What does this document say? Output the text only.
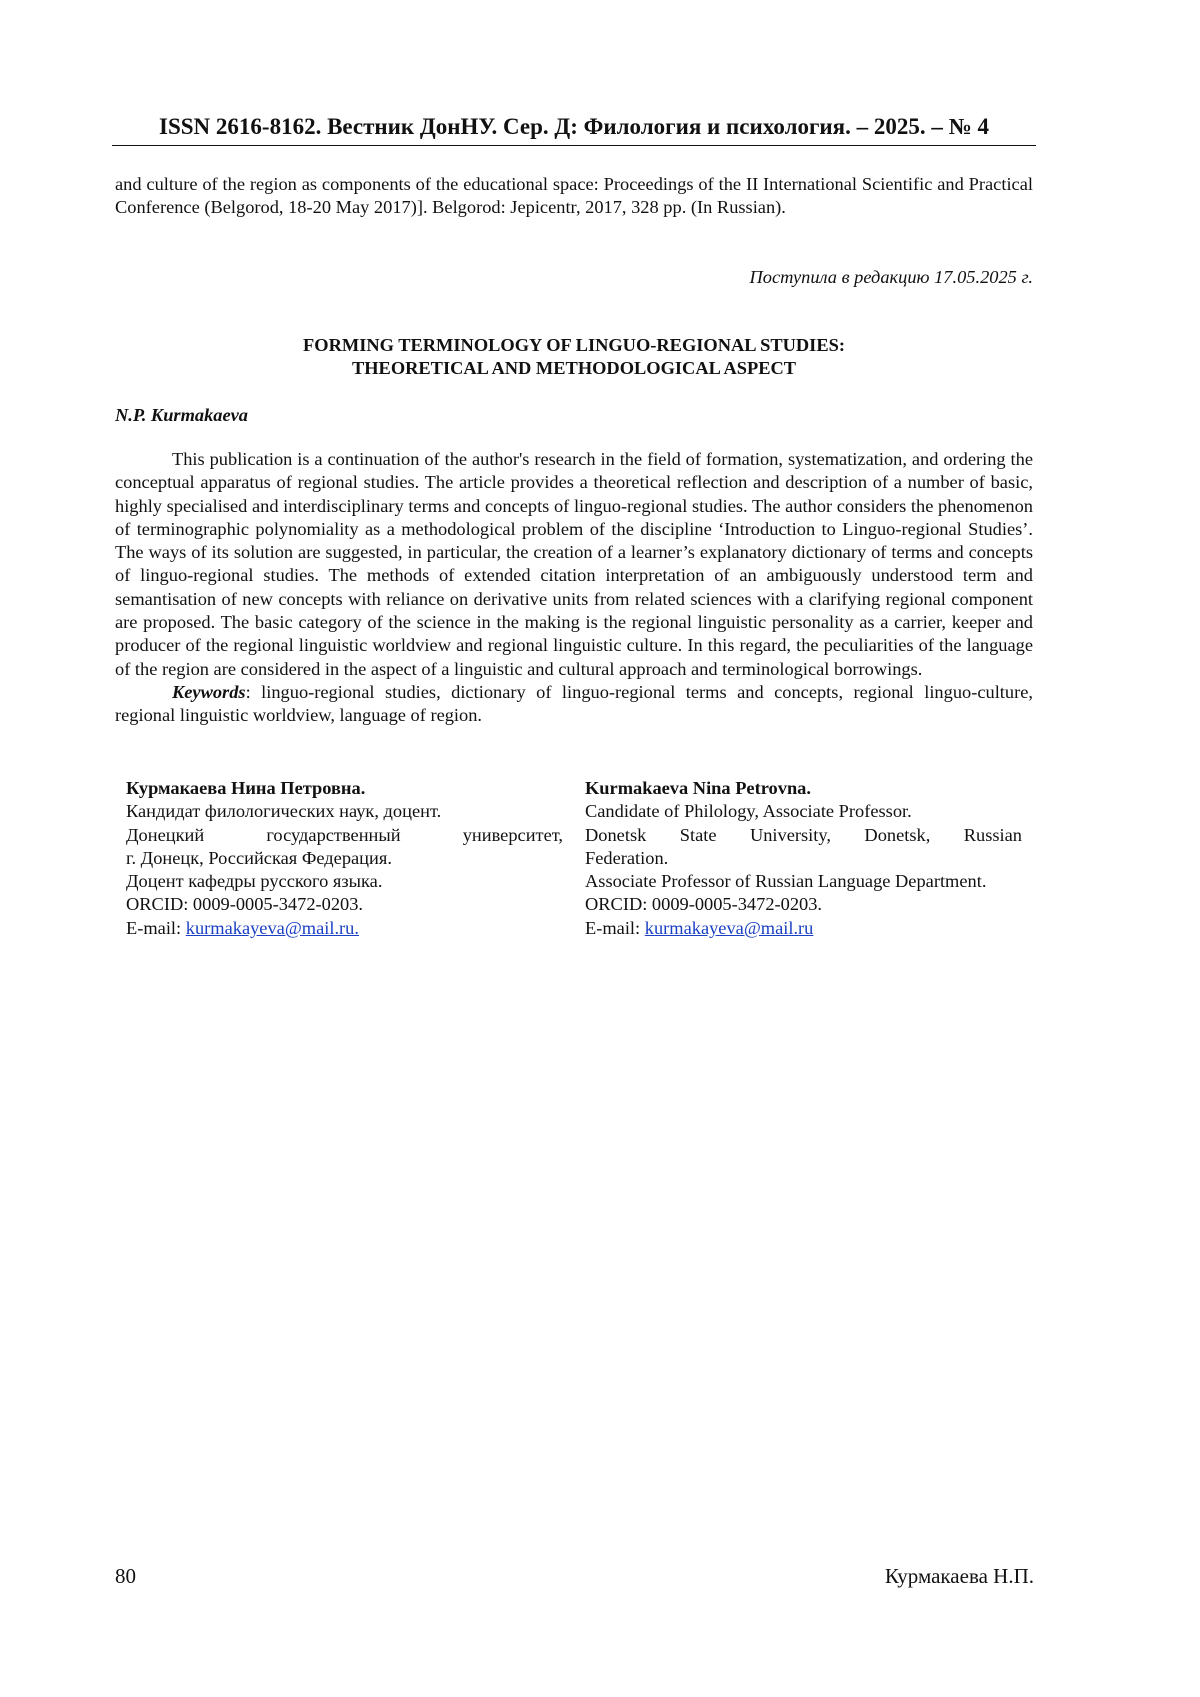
ISSN 2616-8162. Вестник ДонНУ. Сер. Д: Филология и психология. – 2025. – № 4
and culture of the region as components of the educational space: Proceedings of the II International Scientific and Practical Conference (Belgorod, 18-20 May 2017)]. Belgorod: Jepicentr, 2017, 328 pp. (In Russian).
Поступила в редакцию 17.05.2025 г.
FORMING TERMINOLOGY OF LINGUO-REGIONAL STUDIES:
THEORETICAL AND METHODOLOGICAL ASPECT
N.P. Kurmakaeva

This publication is a continuation of the author's research in the field of formation, systematization, and ordering the conceptual apparatus of regional studies. The article provides a theoretical reflection and description of a number of basic, highly specialised and interdisciplinary terms and concepts of linguo-regional studies. The author considers the phenomenon of terminographic polynomiality as a methodological problem of the discipline ‘Introduction to Linguo-regional Studies’. The ways of its solution are suggested, in particular, the creation of a learner’s explanatory dictionary of terms and concepts of linguo-regional studies. The methods of extended citation interpretation of an ambiguously understood term and semantisation of new concepts with reliance on derivative units from related sciences with a clarifying regional component are proposed. The basic category of the science in the making is the regional linguistic personality as a carrier, keeper and producer of the regional linguistic worldview and regional linguistic culture. In this regard, the peculiarities of the language of the region are considered in the aspect of a linguistic and cultural approach and terminological borrowings.

Keywords: linguo-regional studies, dictionary of linguo-regional terms and concepts, regional linguo-culture, regional linguistic worldview, language of region.

Курмакаева Нина Петровна.
Кандидат филологических наук, доцент.
Донецкий государственный университет,
г. Донецк, Российская Федерация.
Доцент кафедры русского языка.
ORCID: 0009-0005-3472-0203.
E-mail: kurmakayeva@mail.ru.
Kurmakaeva Nina Petrovna.
Candidate of Philology, Associate Professor.
Donetsk State University, Donetsk, Russian
Federation.
Associate Professor of Russian Language Department.
ORCID: 0009-0005-3472-0203.
E-mail: kurmakayeva@mail.ru
80	Курмакаева Н.П.
